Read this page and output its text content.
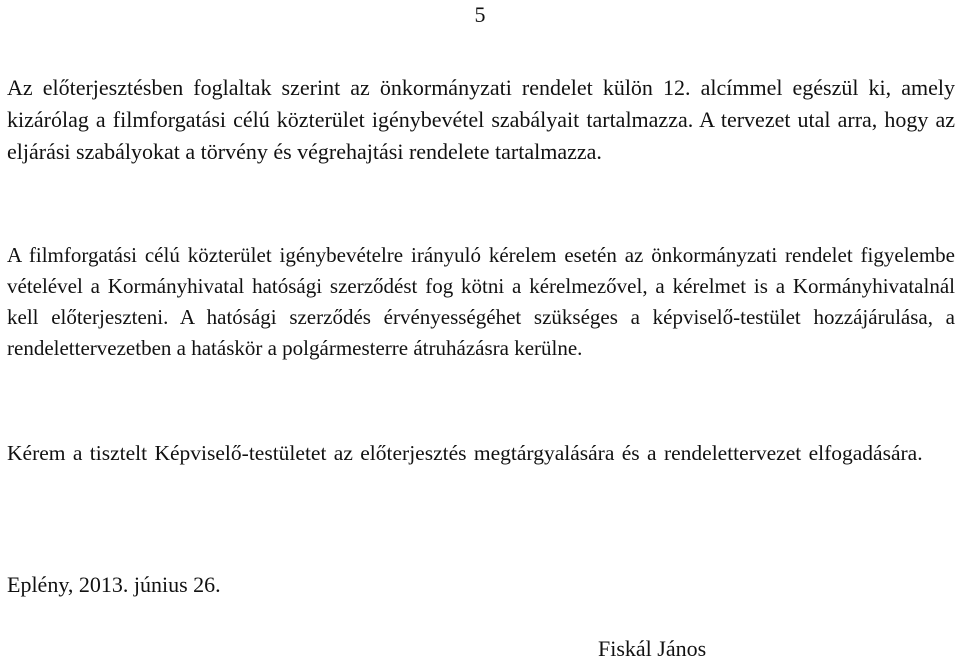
5

Az előterjesztésben foglaltak szerint az önkormányzati rendelet külön 12. alcímmel egészül ki, amely kizárólag a filmforgatási célú közterület igénybevétel szabályait tartalmazza. A tervezet utal arra, hogy az eljárási szabályokat a törvény és végrehajtási rendelete tartalmazza.

A filmforgatási célú közterület igénybevételre irányuló kérelem esetén az önkormányzati rendelet figyelembe vételével a Kormányhivatal hatósági szerződést fog kötni a kérelmezővel, a kérelmet is a Kormányhivatalnál kell előterjeszteni. A hatósági szerződés érvényességéhet szükséges a képviselő-testület hozzájárulása, a rendelettervezetben a hatáskör a polgármesterre átruházásra kerülne.

Kérem a tisztelt Képviselő-testületet az előterjesztés megtárgyalására és a rendelettervezet elfogadására.

Eplény, 2013. június 26.

Fiskál János
